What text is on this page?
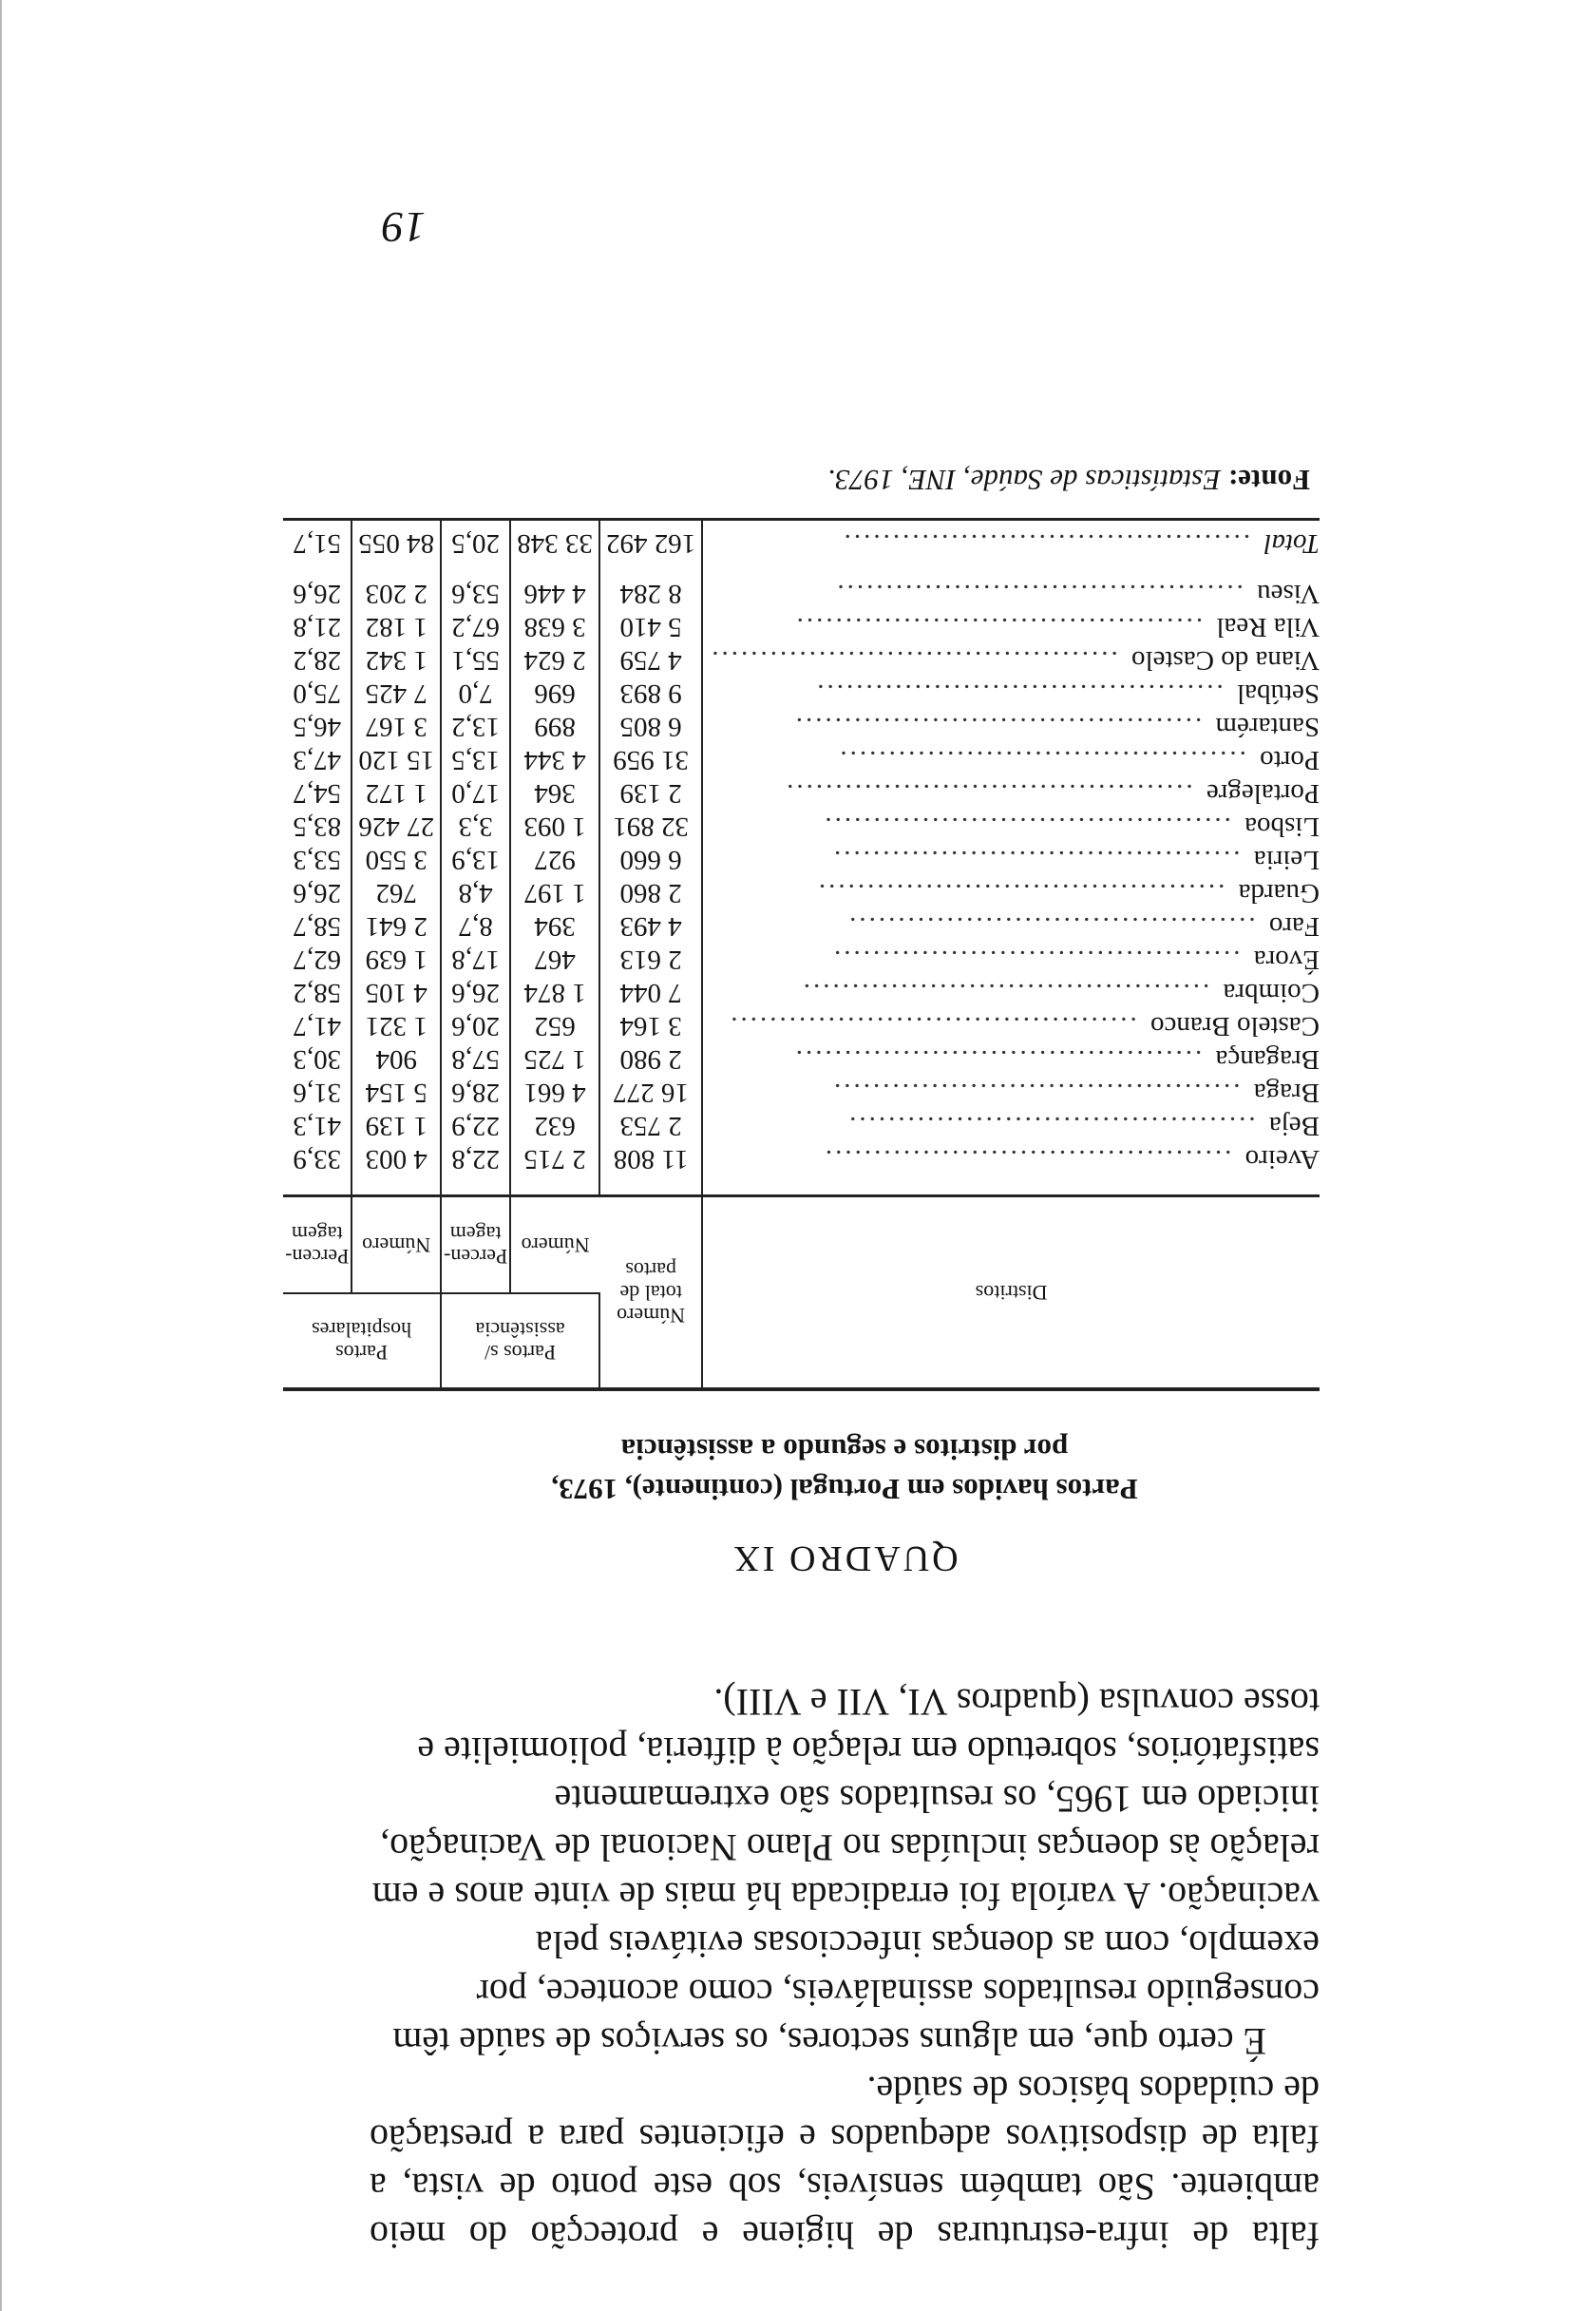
falta de infra-estruturas de higiene e protecção do meio ambiente. São também sensíveis, sob este ponto de vista, a falta de dispositivos adequados e eficientes para a prestação de cuidados básicos de saúde.

É certo que, em alguns sectores, os serviços de saúde têm conseguido resultados assinaláveis, como acontece, por exemplo, com as doenças infecciosas evitáveis pela vacinação. A varíola foi erradicada há mais de vinte anos e em relação às doenças incluídas no Plano Nacional de Vacinação, iniciado em 1965, os resultados são extremamente satisfatórios, sobretudo em relação à difteria, poliomielite e tosse convulsa (quadros VI, VII e VIII).

QUADRO IX
Partos havidos em Portugal (continente), 1973,
por distritos e segundo a assistência
Distritos	Número total de partos	Partos s/ assistência		Partos hospitalares	
		Número	Percen- tagem	Número	Percen- tagem
Aveiro ..........................................	11 808	2 715	22,8	4 003	33,9
Beja ..........................................	2 753	632	22,9	1 139	41,3
Braga ..........................................	16 277	4 661	28,6	5 154	31,6
Bragança ..........................................	2 980	1 725	57,8	904	30,3
Castelo Branco ..........................................	3 164	652	20,6	1 321	41,7
Coimbra ..........................................	7 044	1 874	26,6	4 105	58,2
Évora ..........................................	2 613	467	17,8	1 639	62,7
Faro ..........................................	4 493	394	8,7	2 641	58,7
Guarda ..........................................	2 860	1 197	4,8	762	26,6
Leiria ..........................................	6 660	927	13,9	3 550	53,3
Lisboa ..........................................	32 891	1 093	3,3	27 426	83,5
Portalegre ..........................................	2 139	364	17,0	1 172	54,7
Porto ..........................................	31 959	4 344	13,5	15 120	47,3
Santarém ..........................................	6 805	899	13,2	3 167	46,5
Setúbal ..........................................	9 893	696	7,0	7 425	75,0
Viana do Castelo ..........................................	4 759	2 624	55,1	1 342	28,2
Vila Real ..........................................	5 410	3 638	67,2	1 182	21,8
Viseu ..........................................	8 284	4 446	53,6	2 203	26,6

Total ..........................................	162 492	33 348	20,5	84 055	51,7
Fonte: Estatísticas de Saúde, INE, 1973.
19
